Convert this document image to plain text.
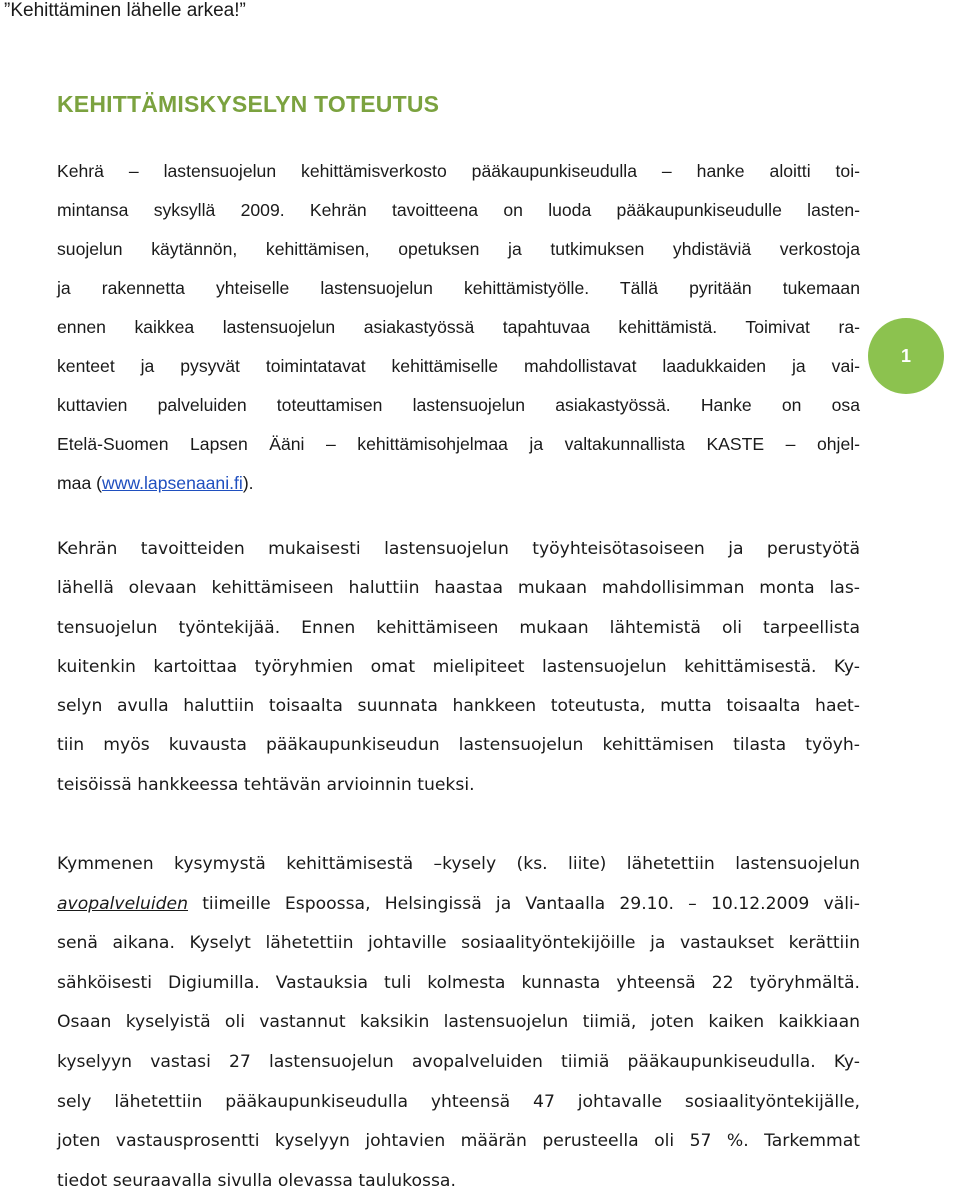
”Kehittäminen lähelle arkea!”
KEHITTÄMISKYSELYN TOTEUTUS
1
Kehrä – lastensuojelun kehittämisverkosto pääkaupunkiseudulla – hanke aloitti toi-
mintansa syksyllä 2009. Kehrän tavoitteena on luoda pääkaupunkiseudulle lasten-
suojelun käytännön, kehittämisen, opetuksen ja tutkimuksen yhdistäviä verkostoja
ja rakennetta yhteiselle lastensuojelun kehittämistyölle. Tällä pyritään tukemaan
ennen kaikkea lastensuojelun asiakastyössä tapahtuvaa kehittämistä. Toimivat ra-
kenteet ja pysyvät toimintatavat kehittämiselle mahdollistavat laadukkaiden ja vai-
kuttavien palveluiden toteuttamisen lastensuojelun asiakastyössä. Hanke on osa
Etelä-Suomen Lapsen Ääni – kehittämisohjelmaa ja valtakunnallista KASTE – ohjel-
maa (www.lapsenaani.fi).
Kehrän tavoitteiden mukaisesti lastensuojelun työyhteisötasoiseen ja perustyötä
lähellä olevaan kehittämiseen haluttiin haastaa mukaan mahdollisimman monta las-
tensuojelun työntekijää. Ennen kehittämiseen mukaan lähtemistä oli tarpeellista
kuitenkin kartoittaa työryhmien omat mielipiteet lastensuojelun kehittämisestä. Ky-
selyn avulla haluttiin toisaalta suunnata hankkeen toteutusta, mutta toisaalta haet-
tiin myös kuvausta pääkaupunkiseudun lastensuojelun kehittämisen tilasta työyh-
teisöissä hankkeessa tehtävän arvioinnin tueksi.
Kymmenen kysymystä kehittämisestä –kysely (ks. liite) lähetettiin lastensuojelun
avopalveluiden tiimeille Espoossa, Helsingissä ja Vantaalla 29.10. – 10.12.2009 väli-
senä aikana. Kyselyt lähetettiin johtaville sosiaalityöntekijöille ja vastaukset kerättiin
sähköisesti Digiumilla. Vastauksia tuli kolmesta kunnasta yhteensä 22 työryhmältä.
Osaan kyselyistä oli vastannut kaksikin lastensuojelun tiimiä, joten kaiken kaikkiaan
kyselyyn vastasi 27 lastensuojelun avopalveluiden tiimiä pääkaupunkiseudulla. Ky-
sely lähetettiin pääkaupunkiseudulla yhteensä 47 johtavalle sosiaalityöntekijälle,
joten vastausprosentti kyselyyn johtavien määrän perusteella oli 57 %. Tarkemmat
tiedot seuraavalla sivulla olevassa taulukossa.
